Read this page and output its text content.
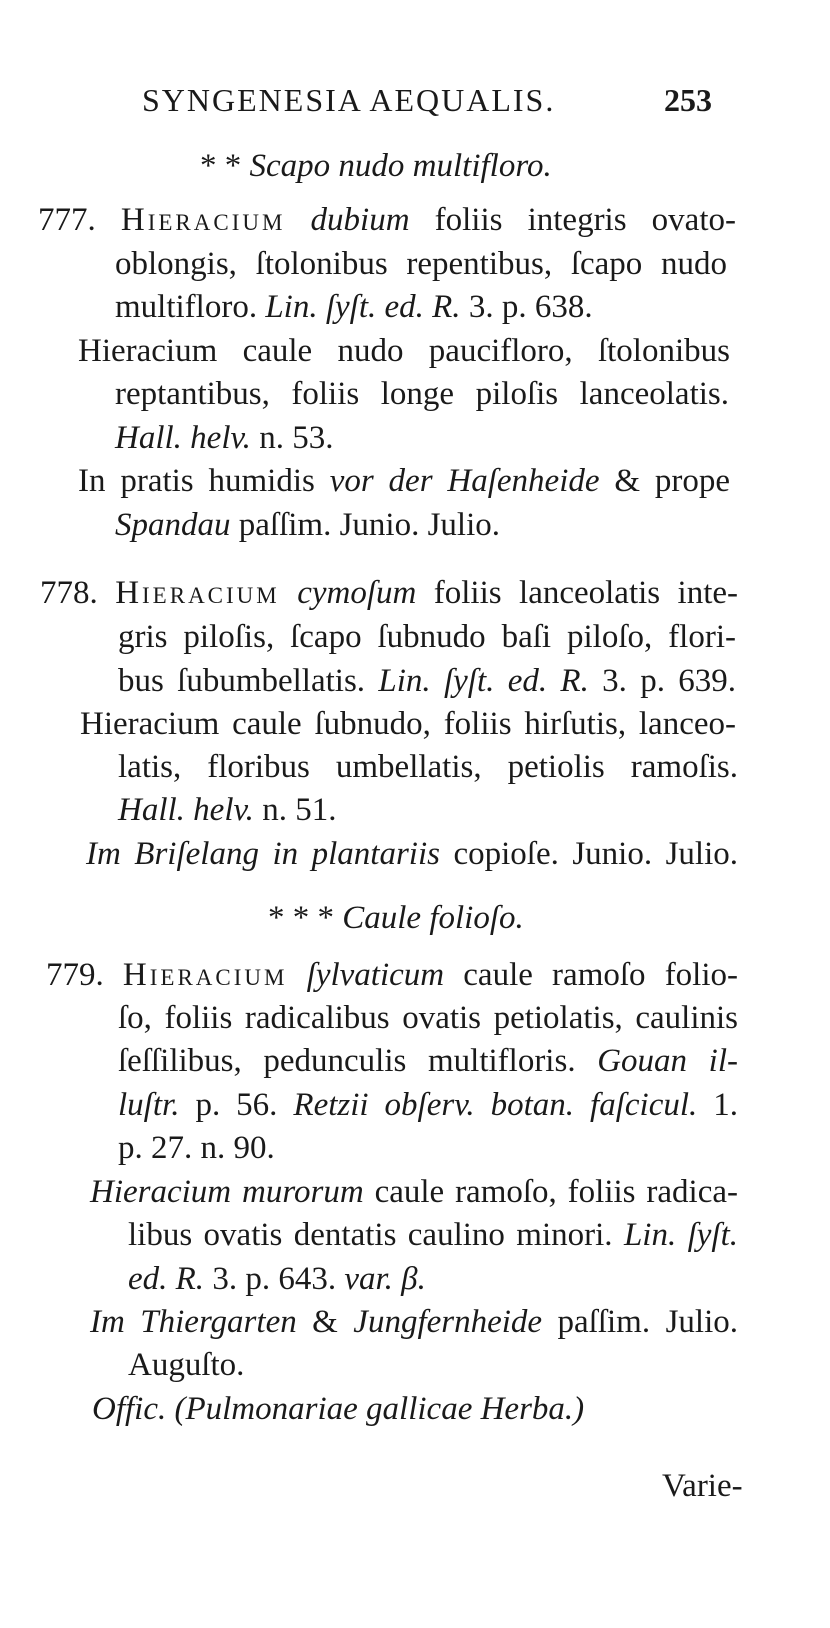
SYNGENESIA AEQUALIS.	253
* * Scapo nudo multifloro.
777. Hieracium dubium foliis integris ovato-
oblongis, ſtolonibus repentibus, ſcapo nudo
multifloro. Lin. ſyſt. ed. R. 3. p. 638.
Hieracium caule nudo paucifloro, ſtolonibus
reptantibus, foliis longe piloſis lanceolatis.
Hall. helv. n. 53.
In pratis humidis vor der Haſenheide & prope
Spandau paſſim. Junio. Julio.
778. Hieracium cymoſum foliis lanceolatis inte-
gris piloſis, ſcapo ſubnudo baſi piloſo, flori-
bus ſubumbellatis. Lin. ſyſt. ed. R. 3. p. 639.
Hieracium caule ſubnudo, foliis hirſutis, lanceo-
latis, floribus umbellatis, petiolis ramoſis.
Hall. helv. n. 51.
Im Briſelang in plantariis copioſe. Junio. Julio.
* * * Caule folioſo.
779. Hieracium ſylvaticum caule ramoſo folio-
ſo, foliis radicalibus ovatis petiolatis, caulinis
ſeſſilibus, pedunculis multifloris. Gouan il-
luſtr. p. 56. Retzii obſerv. botan. faſcicul. 1.
p. 27. n. 90.
Hieracium murorum caule ramoſo, foliis radica-
libus ovatis dentatis caulino minori. Lin. ſyſt.
ed. R. 3. p. 643. var. β.
Im Thiergarten & Jungfernheide paſſim. Julio.
Auguſto.
Offic. (Pulmonariae gallicae Herba.)
Varie-
